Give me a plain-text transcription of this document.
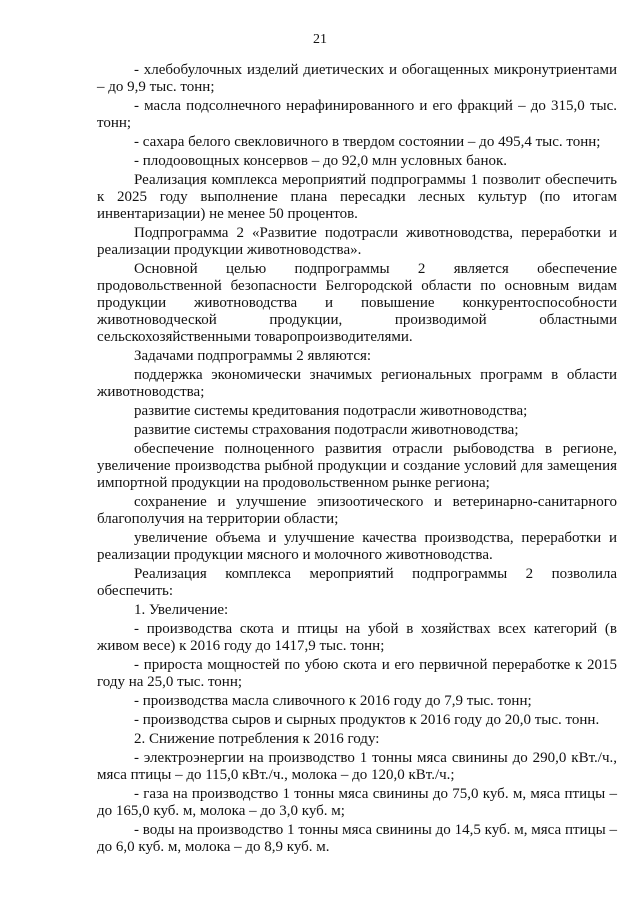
21

- хлебобулочных изделий диетических и обогащенных микронутриентами – до 9,9 тыс. тонн;

- масла подсолнечного нерафинированного и его фракций – до 315,0 тыс. тонн;

- сахара белого свекловичного в твердом состоянии – до 495,4 тыс. тонн;

- плодоовощных консервов – до 92,0 млн условных банок.

Реализация комплекса мероприятий подпрограммы 1 позволит обеспечить к 2025 году выполнение плана пересадки лесных культур (по итогам инвентаризации) не менее 50 процентов.

Подпрограмма 2 «Развитие подотрасли животноводства, переработки и реализации продукции животноводства».

Основной целью подпрограммы 2 является обеспечение продовольственной безопасности Белгородской области по основным видам продукции животноводства и повышение конкурентоспособности животноводческой продукции, производимой областными сельскохозяйственными товаропроизводителями.

Задачами подпрограммы 2 являются:

поддержка экономически значимых региональных программ в области животноводства;

развитие системы кредитования подотрасли животноводства;

развитие системы страхования подотрасли животноводства;

обеспечение полноценного развития отрасли рыбоводства в регионе, увеличение производства рыбной продукции и создание условий для замещения импортной продукции на продовольственном рынке региона;

сохранение и улучшение эпизоотического и ветеринарно-санитарного благополучия на территории области;

увеличение объема и улучшение качества производства, переработки и реализации продукции мясного и молочного животноводства.

Реализация комплекса мероприятий подпрограммы 2 позволила обеспечить:

1. Увеличение:

- производства скота и птицы на убой в хозяйствах всех категорий (в живом весе) к 2016 году до 1417,9 тыс. тонн;

- прироста мощностей по убою скота и его первичной переработке к 2015 году на 25,0 тыс. тонн;

- производства масла сливочного к 2016 году до 7,9 тыс. тонн;

- производства сыров и сырных продуктов к 2016 году до 20,0 тыс. тонн.

2. Снижение потребления к 2016 году:

- электроэнергии на производство 1 тонны мяса свинины до 290,0 кВт./ч., мяса птицы – до 115,0 кВт./ч., молока – до 120,0 кВт./ч.;

- газа на производство 1 тонны мяса свинины до 75,0 куб. м, мяса птицы – до 165,0 куб. м, молока – до 3,0 куб. м;

- воды на производство 1 тонны мяса свинины до 14,5 куб. м, мяса птицы – до 6,0 куб. м, молока – до 8,9 куб. м.
